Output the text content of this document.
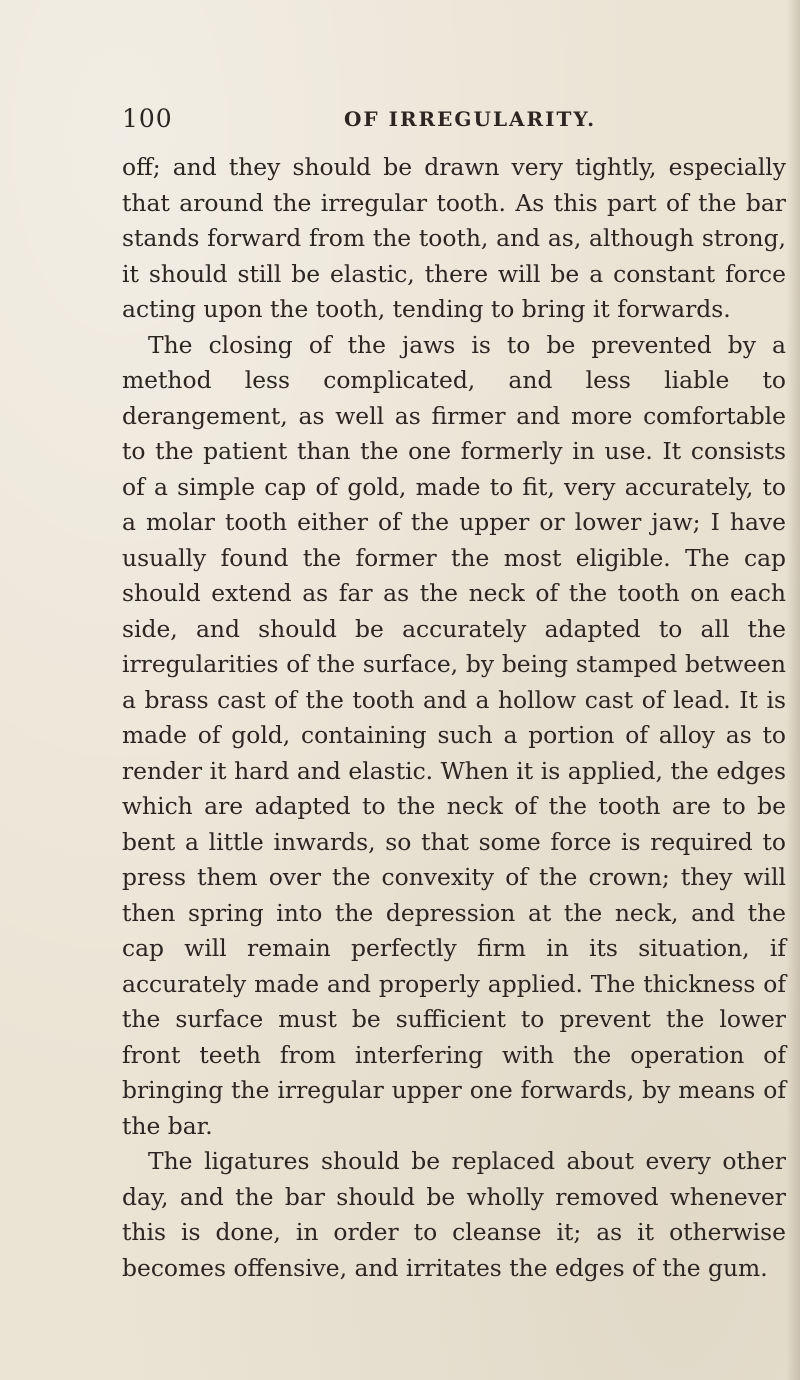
100	OF IRREGULARITY.

off; and they should be drawn very tightly, especially that around the irregular tooth. As this part of the bar stands forward from the tooth, and as, although strong, it should still be elastic, there will be a constant force acting upon the tooth, tending to bring it forwards.

The closing of the jaws is to be prevented by a method less complicated, and less liable to derangement, as well as firmer and more comfortable to the patient than the one formerly in use. It consists of a simple cap of gold, made to fit, very accurately, to a molar tooth either of the upper or lower jaw; I have usually found the former the most eligible. The cap should extend as far as the neck of the tooth on each side, and should be accurately adapted to all the irregularities of the surface, by being stamped between a brass cast of the tooth and a hollow cast of lead. It is made of gold, containing such a portion of alloy as to render it hard and elastic. When it is applied, the edges which are adapted to the neck of the tooth are to be bent a little inwards, so that some force is required to press them over the convexity of the crown; they will then spring into the depression at the neck, and the cap will remain perfectly firm in its situation, if accurately made and properly applied. The thickness of the surface must be sufficient to prevent the lower front teeth from interfering with the operation of bringing the irregular upper one forwards, by means of the bar.

The ligatures should be replaced about every other day, and the bar should be wholly removed whenever this is done, in order to cleanse it; as it otherwise becomes offensive, and irritates the edges of the gum.
